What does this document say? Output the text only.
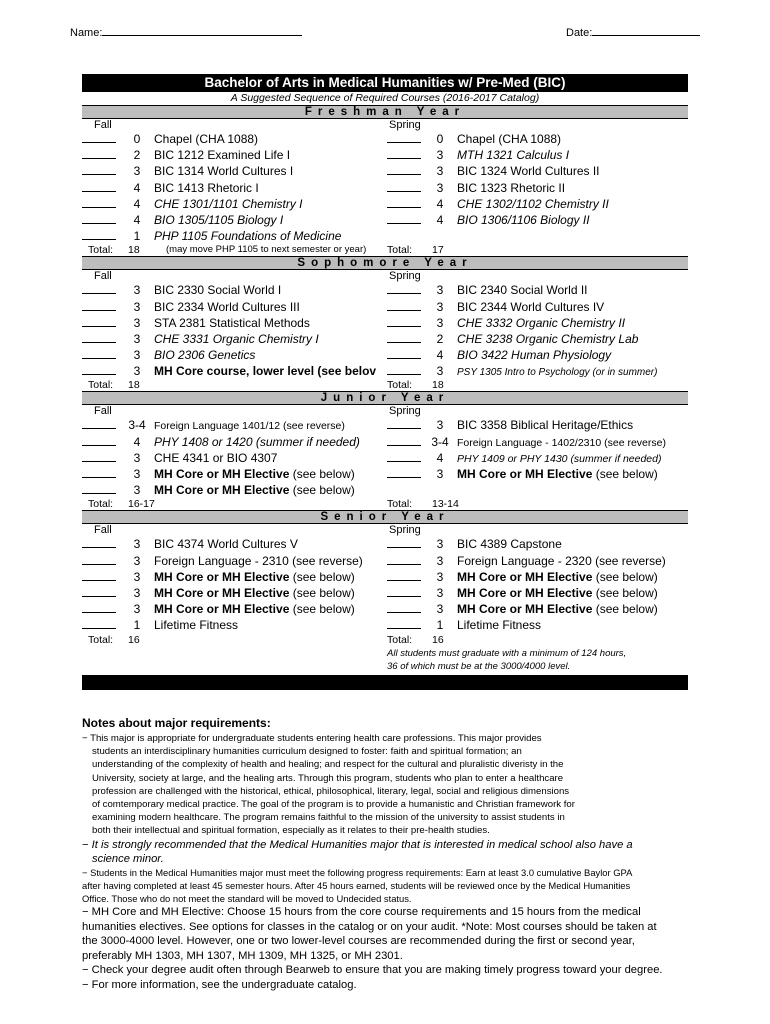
Name:	Date:
Bachelor of Arts in Medical Humanities w/ Pre-Med (BIC)
A Suggested Sequence of Required Courses (2016-2017 Catalog)
Freshman Year
Fall	Spring
0	Chapel (CHA 1088)	0	Chapel (CHA 1088)
2	BIC 1212 Examined Life I	3	MTH 1321 Calculus I
3	BIC 1314 World Cultures I	3	BIC 1324 World Cultures II
4	BIC 1413 Rhetoric I	3	BIC 1323 Rhetoric II
4	CHE 1301/1101 Chemistry I	4	CHE 1302/1102 Chemistry II
4	BIO 1305/1105 Biology I	4	BIO 1306/1106 Biology II
1	PHP 1105 Foundations of Medicine
Total: 18	(may move PHP 1105 to next semester or year) Total: 17
Sophomore Year
Fall	Spring
3	BIC 2330 Social World I	3	BIC 2340 Social World II
3	BIC 2334 World Cultures III	3	BIC 2344 World Cultures IV
3	STA 2381 Statistical Methods	3	CHE 3332 Organic Chemistry II
3	CHE 3331 Organic Chemistry I	2	CHE 3238 Organic Chemistry Lab
3	BIO 2306 Genetics	4	BIO 3422 Human Physiology
3	MH Core course, lower level (see belov	3	PSY 1305 Intro to Psychology (or in summer)
Total: 18	Total: 18
Junior Year
Fall	Spring
3-4 Foreign Language 1401/12 (see reverse)	3	BIC 3358 Biblical Heritage/Ethics
4	PHY 1408 or 1420 (summer if needed)	3-4 Foreign Language - 1402/2310 (see reverse)
3	CHE 4341 or BIO 4307	4	PHY 1409 or PHY 1430 (summer if needed)
3	MH Core or MH Elective (see below)	3	MH Core or MH Elective (see below)
3	MH Core or MH Elective (see below)
Total: 16-17	Total: 13-14
Senior Year
Fall	Spring
3	BIC 4374 World Cultures V	3	BIC 4389 Capstone
3	Foreign Language - 2310 (see reverse)	3	Foreign Language - 2320 (see reverse)
3	MH Core or MH Elective (see below)	3	MH Core or MH Elective (see below)
3	MH Core or MH Elective (see below)	3	MH Core or MH Elective (see below)
3	MH Core or MH Elective (see below)	3	MH Core or MH Elective (see below)
1	Lifetime Fitness	1	Lifetime Fitness
Total: 16	Total: 16
All students must graduate with a minimum of 124 hours,
36 of which must be at the 3000/4000 level.
Notes about major requirements:

− This major is appropriate for undergraduate students entering health care professions. This major provides

students an interdisciplinary humanities curriculum designed to foster: faith and spiritual formation; an

understanding of the complexity of health and healing; and respect for the cultural and pluralistic diveristy in the

University, society at large, and the healing arts. Through this program, students who plan to enter a healthcare

profession are challenged with the historical, ethical, philosophical, literary, legal, social and religious dimensions

of comtemporary medical practice. The goal of the program is to provide a humanistic and Christian framework for

examining modern healthcare. The program remains faithful to the mission of the university to assist students in

both their intellectual and spiritual formation, especially as it relates to their pre-health studies.

− It is strongly recommended that the Medical Humanities major that is interested in medical school also have a

science minor.

− Students in the Medical Humanities major must meet the following progress requirements: Earn at least 3.0 cumulative Baylor GPA

after having completed at least 45 semester hours. After 45 hours earned, students will be reviewed once by the Medical Humanities

Office. Those who do not meet the standard will be moved to Undecided status.

− MH Core and MH Elective: Choose 15 hours from the core course requirements and 15 hours from the medical

humanities electives. See options for classes in the catalog or on your audit. *Note: Most courses should be taken at

the 3000-4000 level. However, one or two lower-level courses are recommended during the first or second year,

preferably MH 1303, MH 1307, MH 1309, MH 1325, or MH 2301.

− Check your degree audit often through Bearweb to ensure that you are making timely progress toward your degree.

− For more information, see the undergraduate catalog.
